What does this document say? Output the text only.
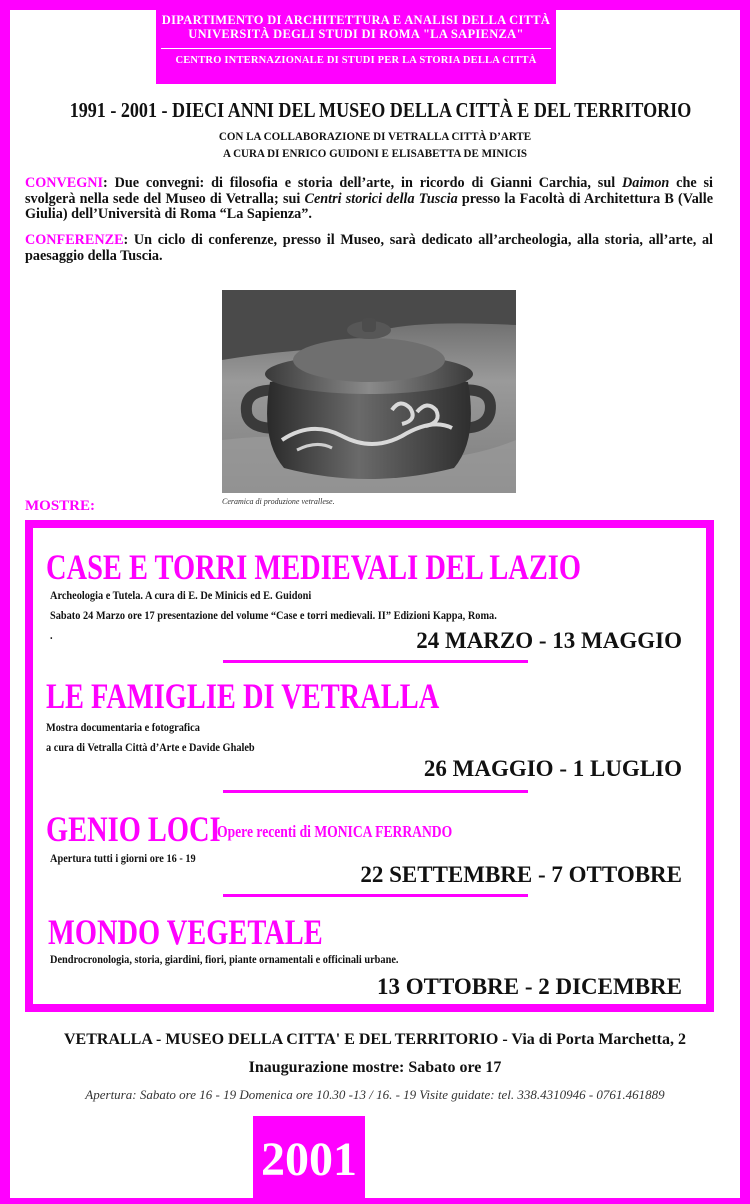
DIPARTIMENTO DI ARCHITETTURA E ANALISI DELLA CITTÀ
UNIVERSITÀ DEGLI STUDI DI ROMA "LA SAPIENZA"
CENTRO INTERNAZIONALE DI STUDI PER LA STORIA DELLA CITTÀ
1991 - 2001 - DIECI ANNI DEL MUSEO DELLA CITTÀ E DEL TERRITORIO
CON LA COLLABORAZIONE DI VETRALLA CITTÀ D’ARTE
A CURA DI ENRICO GUIDONI E ELISABETTA DE MINICIS
CONVEGNI: Due convegni: di filosofia e storia dell’arte, in ricordo di Gianni Carchia, sul Daimon che si svolgerà nella sede del Museo di Vetralla; sui Centri storici della Tuscia presso la Facoltà di Architettura B (Valle Giulia) dell’Università di Roma “La Sapienza”.
CONFERENZE: Un ciclo di conferenze, presso il Museo, sarà dedicato all’archeologia, alla storia, all’arte, al paesaggio della Tuscia.
Ceramica di produzione vetrallese.
MOSTRE:
CASE E TORRI MEDIEVALI DEL LAZIO
Archeologia e Tutela. A cura di E. De Minicis ed E. Guidoni
Sabato 24 Marzo ore 17 presentazione del volume “Case e torri medievali. II” Edizioni Kappa, Roma.
.	24 MARZO - 13 MAGGIO
LE FAMIGLIE DI VETRALLA
Mostra documentaria e fotografica
a cura di Vetralla Città d’Arte e Davide Ghaleb
26 MAGGIO - 1 LUGLIO
GENIO LOCI
Opere recenti di MONICA FERRANDO
Apertura tutti i giorni ore 16 - 19
22 SETTEMBRE - 7 OTTOBRE
MONDO VEGETALE
Dendrocronologia, storia, giardini, fiori, piante ornamentali e officinali urbane.
13 OTTOBRE - 2 DICEMBRE
VETRALLA - MUSEO DELLA CITTA' E DEL TERRITORIO - Via di Porta Marchetta, 2
Inaugurazione mostre: Sabato ore 17
Apertura: Sabato ore 16 - 19 Domenica ore 10.30 -13 / 16. - 19 Visite guidate: tel. 338.4310946 - 0761.461889
2001
